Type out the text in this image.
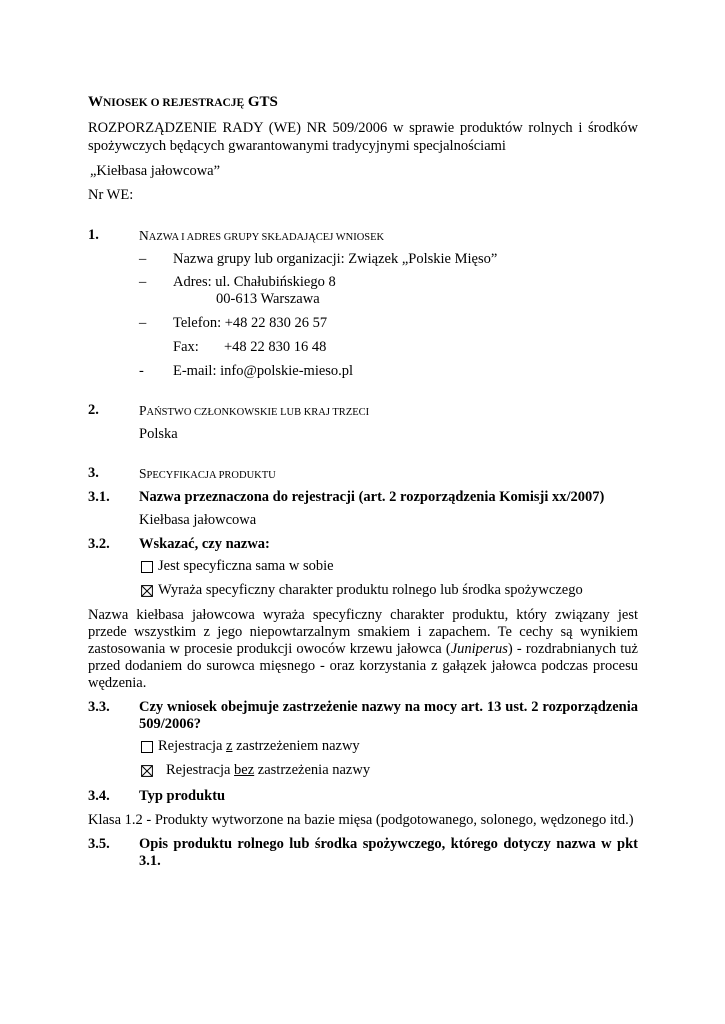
WNIOSEK O REJESTRACJĘ GTS
ROZPORZĄDZENIE RADY (WE) NR 509/2006 w sprawie produktów rolnych i środków
spożywczych będących gwarantowanymi tradycyjnymi specjalnościami
„Kiełbasa jałowcowa”
Nr WE:
1.	NAZWA I ADRES GRUPY SKŁADAJĄCEJ WNIOSEK
– Nazwa grupy lub organizacji: Związek „Polskie Mięso”
– Adres: ul. Chałubińskiego 8
00-613 Warszawa
– Telefon: +48 22 830 26 57
Fax: +48 22 830 16 48
- E-mail: info@polskie-mieso.pl
2.	PAŃSTWO CZŁONKOWSKIE LUB KRAJ TRZECI
Polska
3.	SPECYFIKACJA PRODUKTU
3.1. Nazwa przeznaczona do rejestracji (art. 2 rozporządzenia Komisji xx/2007)
Kiełbasa jałowcowa
3.2. Wskazać, czy nazwa:
Jest specyficzna sama w sobie
Wyraża specyficzny charakter produktu rolnego lub środka spożywczego
Nazwa kiełbasa jałowcowa wyraża specyficzny charakter produktu, który związany jest
przede wszystkim z jego niepowtarzalnym smakiem i zapachem. Te cechy są wynikiem
zastosowania w procesie produkcji owoców krzewu jałowca (Juniperus) - rozdrabnianych tuż
przed dodaniem do surowca mięsnego - oraz korzystania z gałązek jałowca podczas procesu
wędzenia.
3.3. Czy wniosek obejmuje zastrzeżenie nazwy na mocy art. 13 ust. 2 rozporządzenia
509/2006?
Rejestracja z zastrzeżeniem nazwy
Rejestracja bez zastrzeżenia nazwy
3.4. Typ produktu
Klasa 1.2 - Produkty wytworzone na bazie mięsa (podgotowanego, solonego, wędzonego itd.)
3.5. Opis produktu rolnego lub środka spożywczego, którego dotyczy nazwa w pkt
3.1.
